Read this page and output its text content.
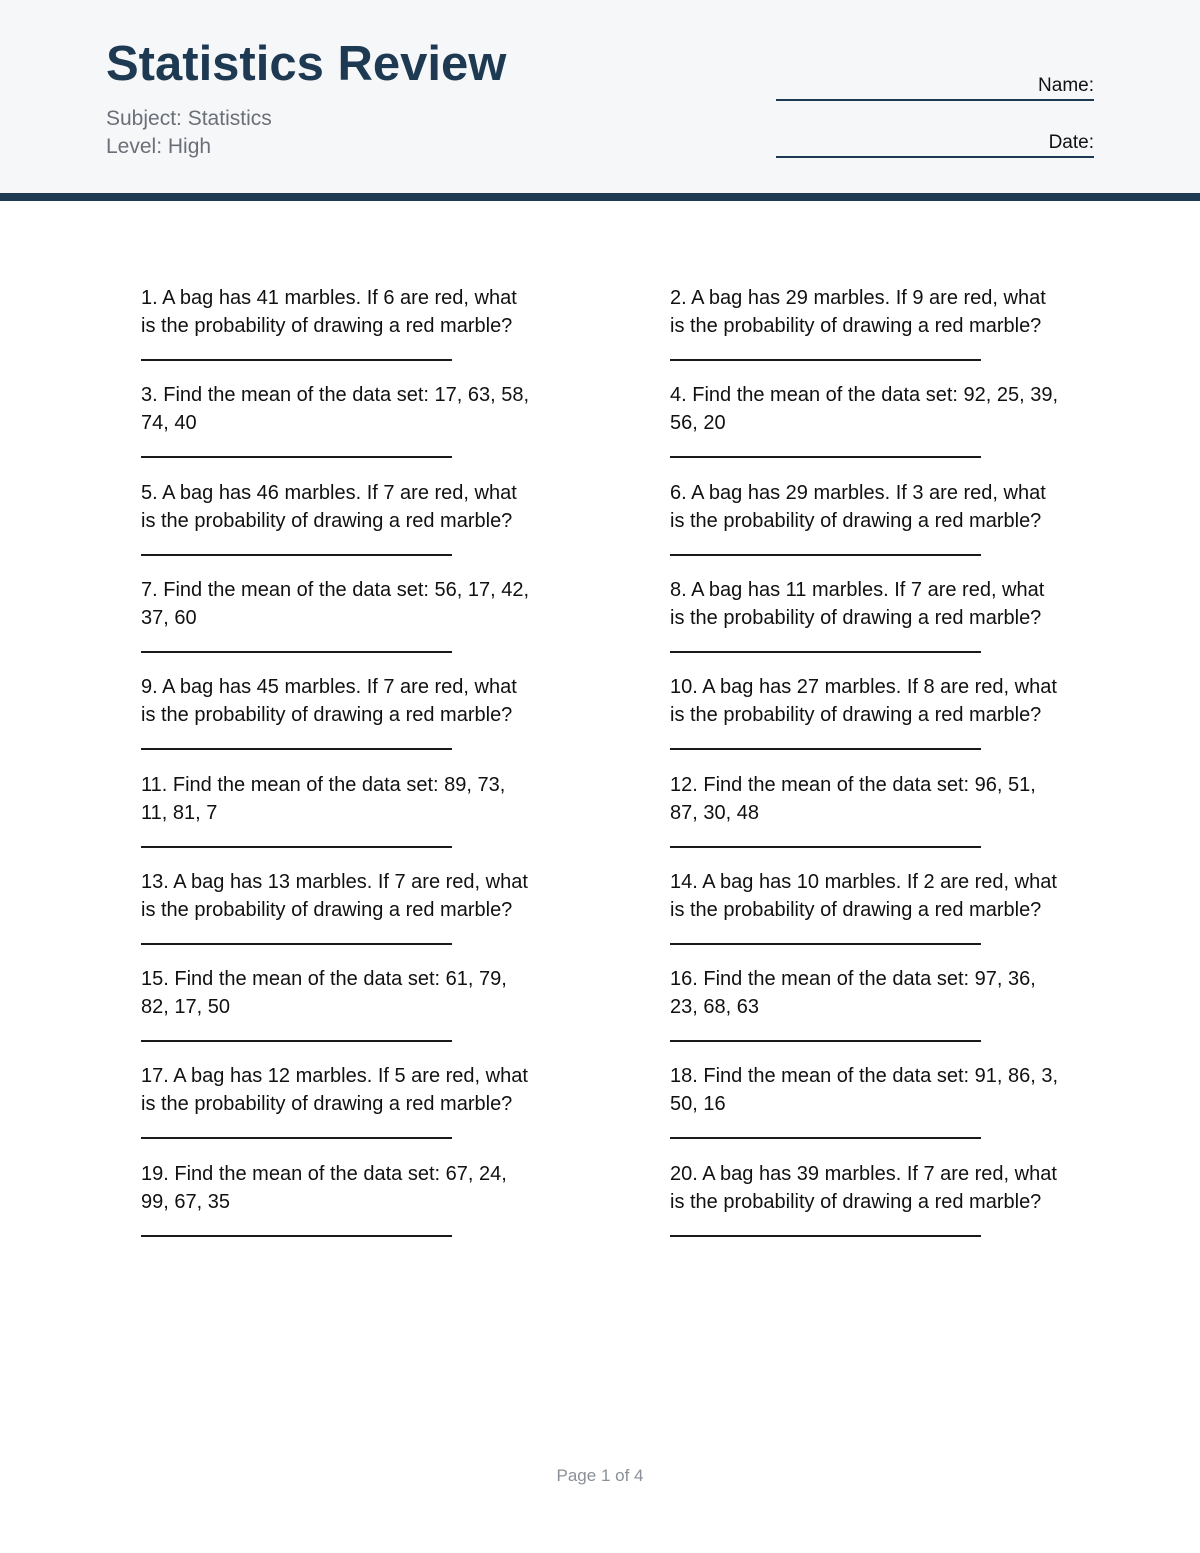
Statistics Review
Subject: Statistics
Level: High
Name:
Date:

1. A bag has 41 marbles. If 6 are red, what

is the probability of drawing a red marble?

2. A bag has 29 marbles. If 9 are red, what

is the probability of drawing a red marble?

3. Find the mean of the data set: 17, 63, 58,

74, 40

4. Find the mean of the data set: 92, 25, 39,

56, 20

5. A bag has 46 marbles. If 7 are red, what

is the probability of drawing a red marble?

6. A bag has 29 marbles. If 3 are red, what

is the probability of drawing a red marble?

7. Find the mean of the data set: 56, 17, 42,

37, 60

8. A bag has 11 marbles. If 7 are red, what

is the probability of drawing a red marble?

9. A bag has 45 marbles. If 7 are red, what

is the probability of drawing a red marble?

10. A bag has 27 marbles. If 8 are red, what

is the probability of drawing a red marble?

11. Find the mean of the data set: 89, 73,

11, 81, 7

12. Find the mean of the data set: 96, 51,

87, 30, 48

13. A bag has 13 marbles. If 7 are red, what

is the probability of drawing a red marble?

14. A bag has 10 marbles. If 2 are red, what

is the probability of drawing a red marble?

15. Find the mean of the data set: 61, 79,

82, 17, 50

16. Find the mean of the data set: 97, 36,

23, 68, 63

17. A bag has 12 marbles. If 5 are red, what

is the probability of drawing a red marble?

18. Find the mean of the data set: 91, 86, 3,

50, 16

19. Find the mean of the data set: 67, 24,

99, 67, 35

20. A bag has 39 marbles. If 7 are red, what

is the probability of drawing a red marble?

Page 1 of 4
